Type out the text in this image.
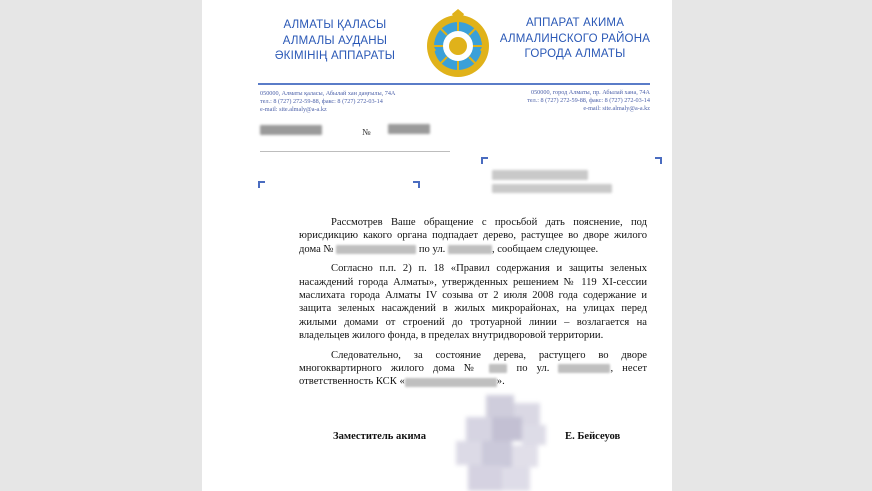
АЛМАТЫ ҚАЛАСЫ
АЛМАЛЫ АУДАНЫ
ӘКІМІНІҢ АППАРАТЫ
АППАРАТ АКИМА
АЛМАЛИНСКОГО РАЙОНА
ГОРОДА АЛМАТЫ
050000, Алматы қаласы, Абылай хан даңғылы, 74А
тел.: 8 (727) 272-59-88, факс: 8 (727) 272-03-14
e-mail: site.almaly@a-a.kz
050000, город Алматы, пр. Абылай хана, 74А
тел.: 8 (727) 272-59-88, факс: 8 (727) 272-03-14
e-mail: site.almaly@a-a.kz
№

Рассмотрев Ваше обращение с просьбой дать пояснение, под юрисдикцию какого органа подпадает дерево, растущее во дворе жилого дома №	по ул.	, сообщаем следующее.

Согласно п.п. 2) п. 18 «Правил содержания и защиты зеленых насаждений города Алматы», утвержденных решением № 119 XI-сессии маслихата города Алматы IV созыва от 2 июля 2008 года содержание и защита зеленых насаждений в жилых микрорайонах, на улицах перед жилыми домами от строений до тротуарной линии – возлагается на владельцев жилого фонда, в пределах внутридворовой территории.

Следовательно, за состояние дерева, растущего во дворе многоквартирного жилого дома №	по ул.	, несет ответственность КСК «	».

Заместитель акима	Е. Бейсеуов
